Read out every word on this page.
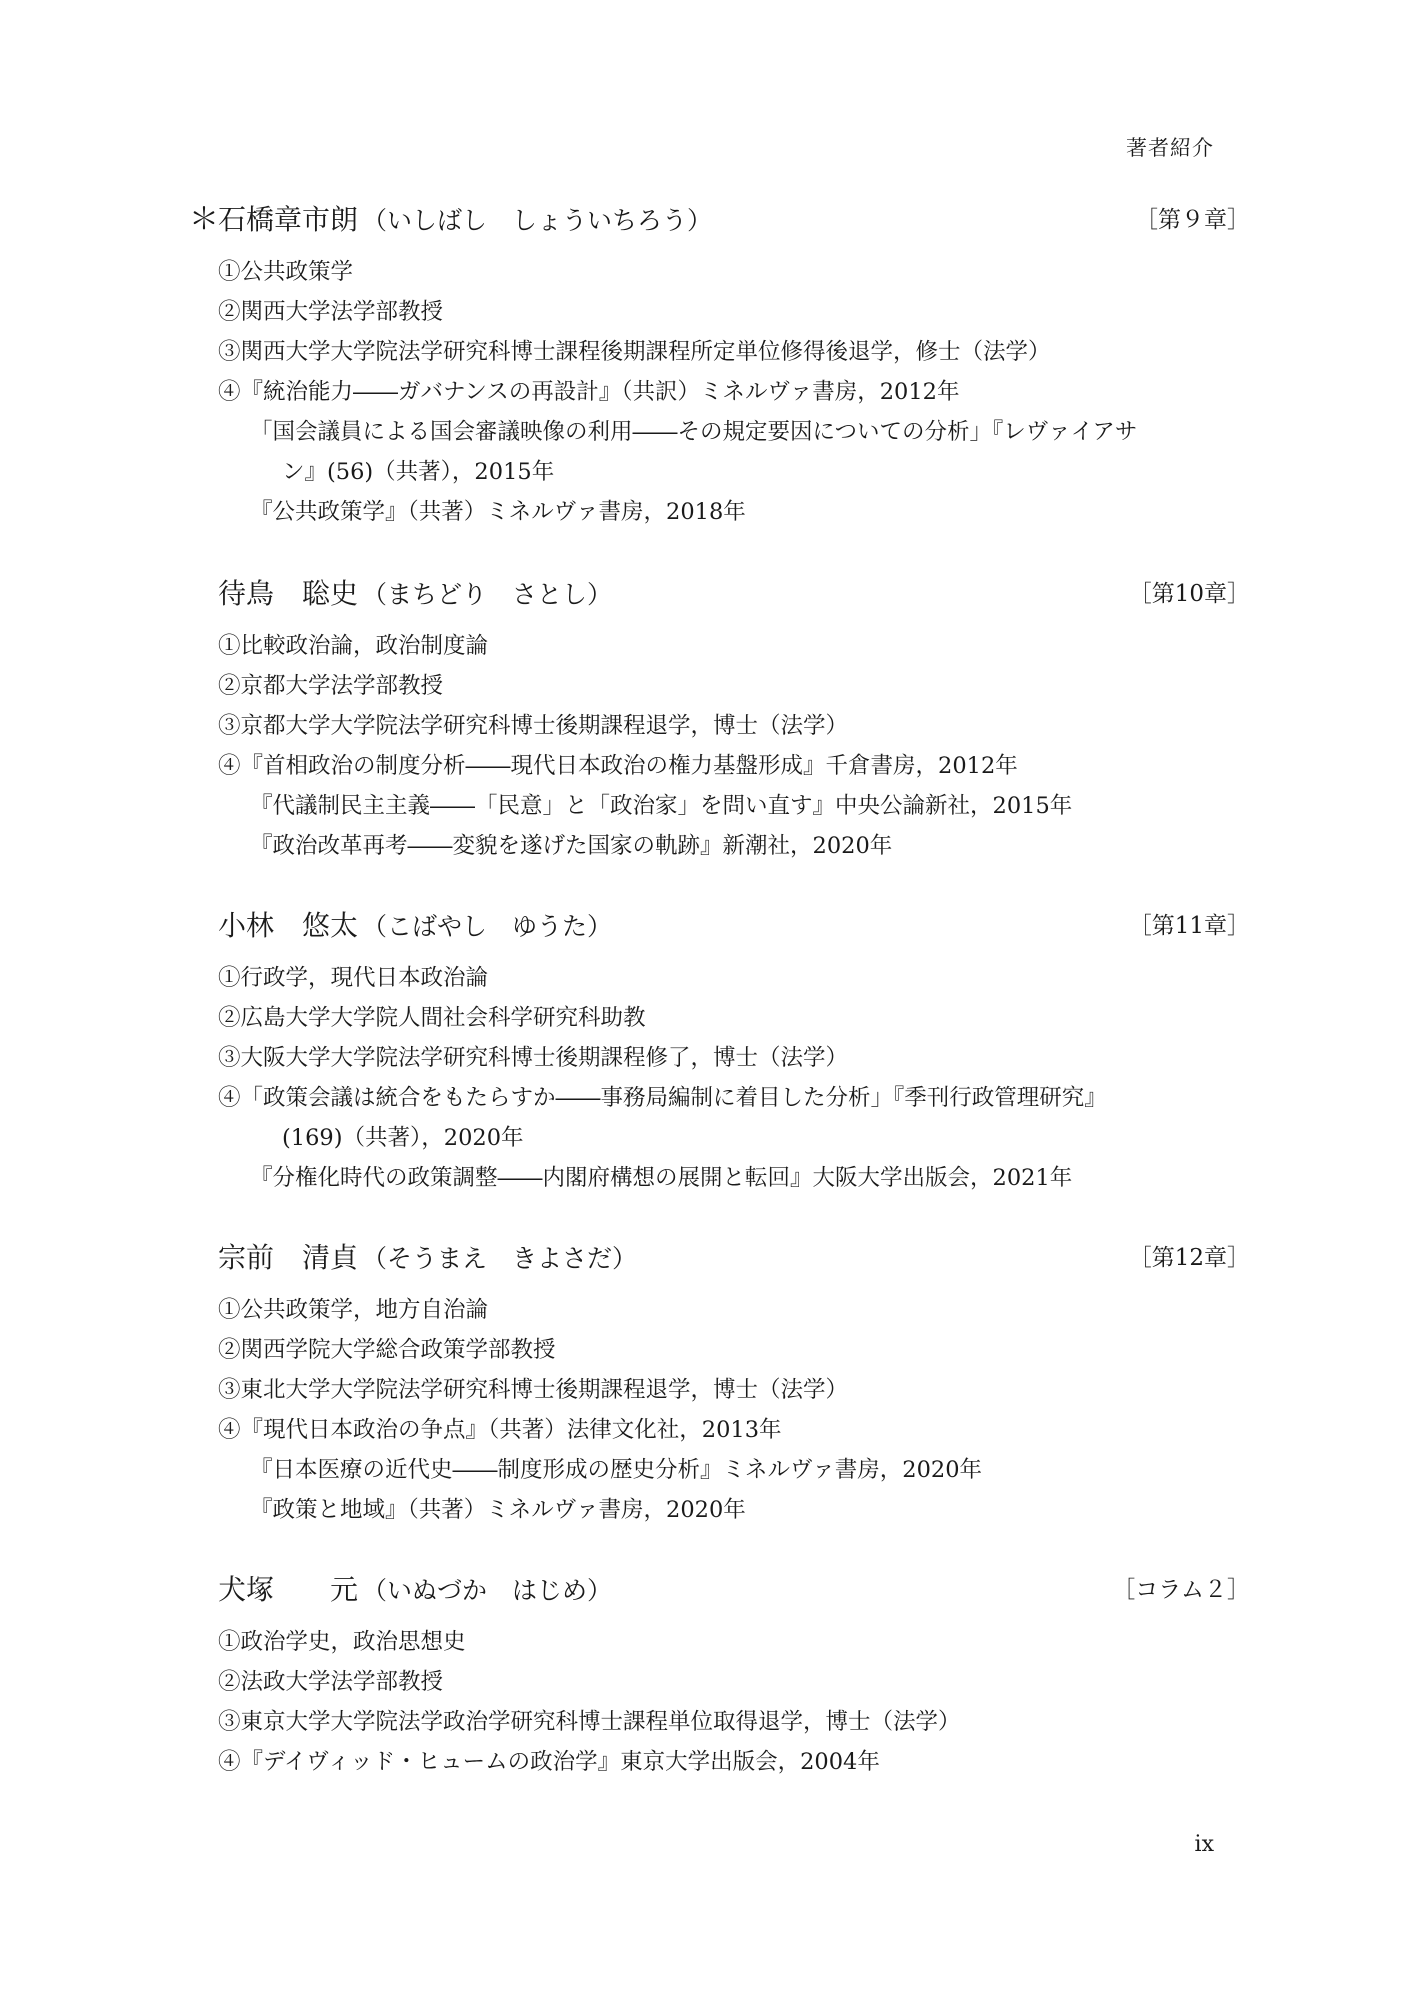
著者紹介
＊ 石橋章市朗 （いしばし　しょういちろう）	［第９章］
①公共政策学
②関西大学法学部教授
③関西大学大学院法学研究科博士課程後期課程所定単位修得後退学，修士（法学）
④『統治能力――ガバナンスの再設計』（共訳）ミネルヴァ書房，2012年
「国会議員による国会審議映像の利用――その規定要因についての分析」『レヴァイアサ
ン』(56)（共著），2015年
『公共政策学』（共著）ミネルヴァ書房，2018年
待鳥　聡史 （まちどり　さとし）	［第10章］
①比較政治論，政治制度論
②京都大学法学部教授
③京都大学大学院法学研究科博士後期課程退学，博士（法学）
④『首相政治の制度分析――現代日本政治の権力基盤形成』千倉書房，2012年
『代議制民主主義――「民意」と「政治家」を問い直す』中央公論新社，2015年
『政治改革再考――変貌を遂げた国家の軌跡』新潮社，2020年
小林　悠太 （こばやし　ゆうた）	［第11章］
①行政学，現代日本政治論
②広島大学大学院人間社会科学研究科助教
③大阪大学大学院法学研究科博士後期課程修了，博士（法学）
④「政策会議は統合をもたらすか――事務局編制に着目した分析」『季刊行政管理研究』
(169)（共著），2020年
『分権化時代の政策調整――内閣府構想の展開と転回』大阪大学出版会，2021年
宗前　清貞 （そうまえ　きよさだ）	［第12章］
①公共政策学，地方自治論
②関西学院大学総合政策学部教授
③東北大学大学院法学研究科博士後期課程退学，博士（法学）
④『現代日本政治の争点』（共著）法律文化社，2013年
『日本医療の近代史――制度形成の歴史分析』ミネルヴァ書房，2020年
『政策と地域』（共著）ミネルヴァ書房，2020年
犬塚　　元 （いぬづか　はじめ）	［コラム２］
①政治学史，政治思想史
②法政大学法学部教授
③東京大学大学院法学政治学研究科博士課程単位取得退学，博士（法学）
④『デイヴィッド・ヒュームの政治学』東京大学出版会，2004年
ix
